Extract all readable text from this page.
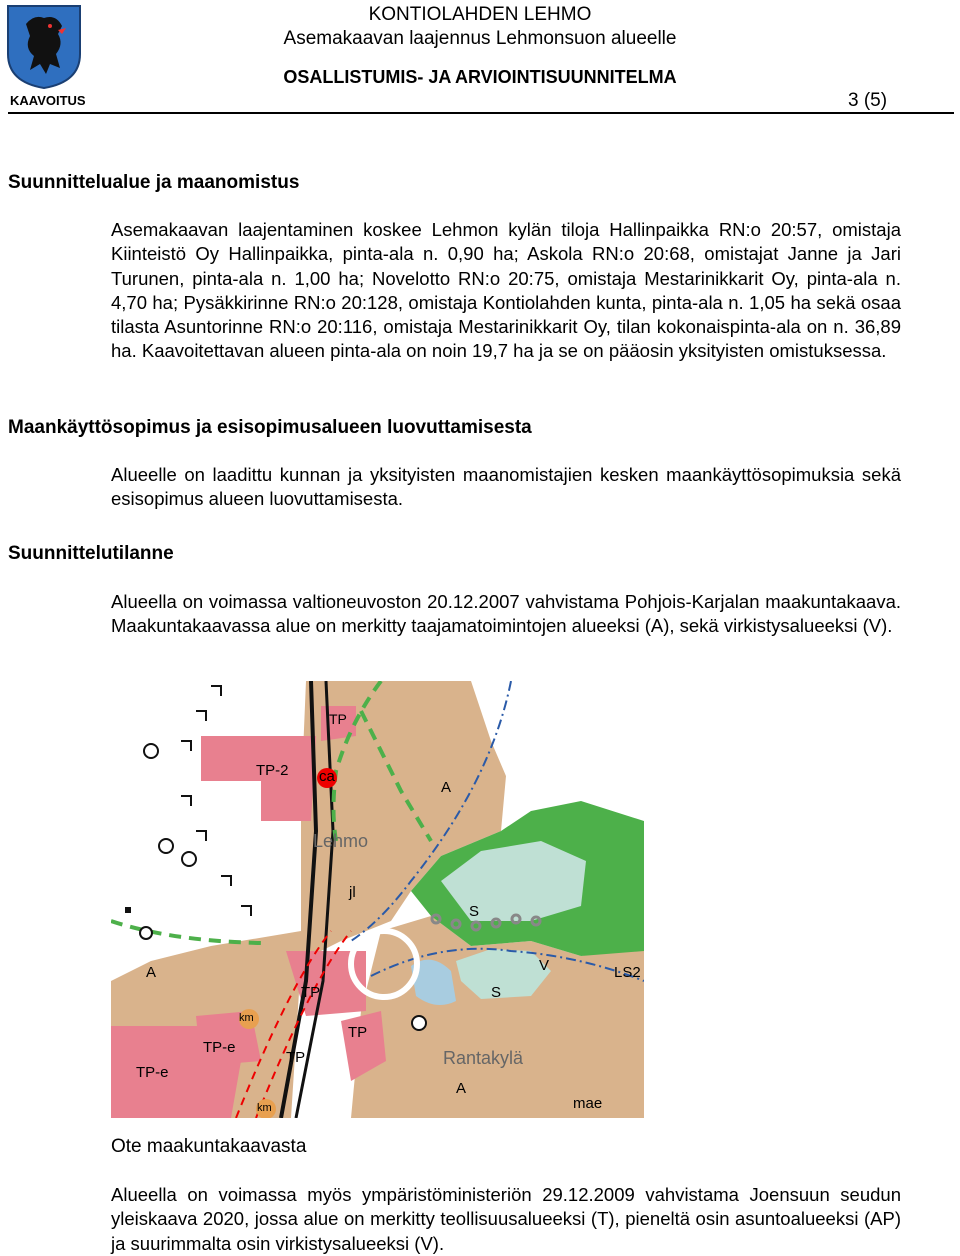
KONTIOLAHDEN LEHMO
Asemakaavan laajennus Lehmonsuon alueelle
OSALLISTUMIS- JA ARVIOINTISUUNNITELMA
KAAVOITUS	3 (5)
Suunnittelualue ja maanomistus
Asemakaavan laajentaminen koskee Lehmon kylän tiloja Hallinpaikka RN:o 20:57, omistaja Kiinteistö Oy Hallinpaikka, pinta-ala n. 0,90 ha; Askola RN:o 20:68, omistajat Janne ja Jari Turunen, pinta-ala n. 1,00 ha; Novelotto RN:o 20:75, omistaja Mestarinikkarit Oy, pinta-ala n. 4,70 ha; Pysäkkirinne RN:o 20:128, omistaja Kontiolahden kunta, pinta-ala n. 1,05 ha sekä osaa tilasta Asuntorinne RN:o 20:116, omistaja Mestarinikkarit Oy, tilan kokonaispinta-ala on n. 36,89 ha. Kaavoitettavan alueen pinta-ala on noin 19,7 ha ja se on pääosin yksityisten omistuksessa.
Maankäyttösopimus ja esisopimusalueen luovuttamisesta
Alueelle on laadittu kunnan ja yksityisten maanomistajien kesken maankäyttösopimuksia sekä esisopimus alueen luovuttamisesta.
Suunnittelutilanne
Alueella on voimassa valtioneuvoston 20.12.2007 vahvistama Pohjois-Karjalan maakuntakaava. Maakuntakaavassa alue on merkitty taajamatoimintojen alueeksi (A), sekä virkistysalueeksi (V).
TP
TP-2 ca
A
Lehmo
jl
S
V	LS2
A
TP	S
km
TP
TP-e
TP	Rantakylä
TP-e
A
km	mae
Ote maakuntakaavasta
Alueella on voimassa myös ympäristöministeriön 29.12.2009 vahvistama Joensuun seudun yleiskaava 2020, jossa alue on merkitty teollisuusalueeksi (T), pieneltä osin asuntoalueeksi (AP) ja suurimmalta osin virkistysalueeksi (V).
